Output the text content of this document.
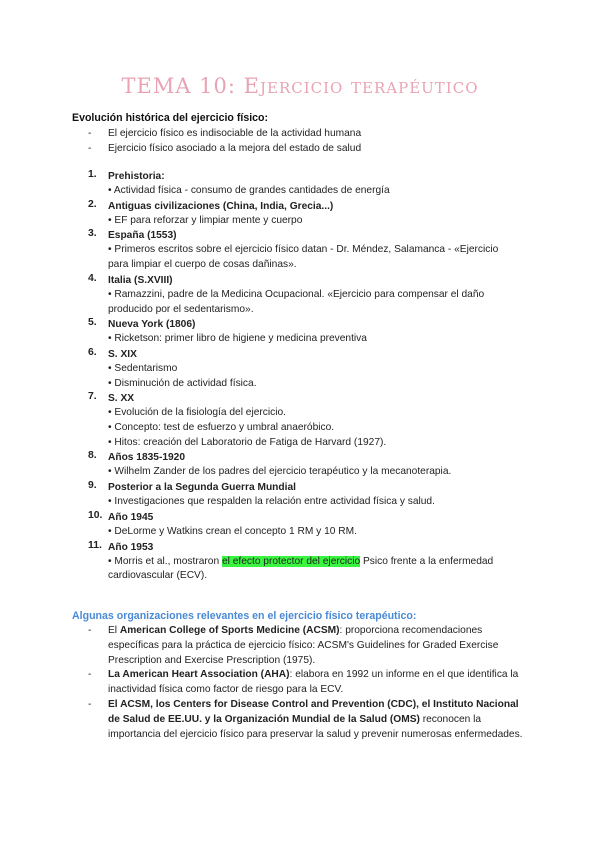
TEMA 10: Ejercicio terapéutico
Evolución histórica del ejercicio físico:
- El ejercicio físico es indisociable de la actividad humana
- Ejercicio físico asociado a la mejora del estado de salud
1. Prehistoria:
• Actividad física - consumo de grandes cantidades de energía
2. Antiguas civilizaciones (China, India, Grecia...)
• EF para reforzar y limpiar mente y cuerpo
3. España (1553)
• Primeros escritos sobre el ejercicio físico datan - Dr. Méndez, Salamanca - «Ejercicio para limpiar el cuerpo de cosas dañinas».
4. Italia (S.XVIII)
• Ramazzini, padre de la Medicina Ocupacional. «Ejercicio para compensar el daño producido por el sedentarismo».
5. Nueva York (1806)
• Ricketson: primer libro de higiene y medicina preventiva
6. S. XIX
• Sedentarismo
• Disminución de actividad física.
7. S. XX
• Evolución de la fisiología del ejercicio.
• Concepto: test de esfuerzo y umbral anaeróbico.
• Hitos: creación del Laboratorio de Fatiga de Harvard (1927).
8. Años 1835-1920
• Wilhelm Zander de los padres del ejercicio terapéutico y la mecanoterapia.
9. Posterior a la Segunda Guerra Mundial
• Investigaciones que respalden la relación entre actividad física y salud.
10. Año 1945
• DeLorme y Watkins crean el concepto 1 RM y 10 RM.
11. Año 1953
• Morris et al., mostraron el efecto protector del ejercicio Psico frente a la enfermedad cardiovascular (ECV).
Algunas organizaciones relevantes en el ejercicio físico terapéutico:
- El American College of Sports Medicine (ACSM): proporciona recomendaciones específicas para la práctica de ejercicio físico: ACSM's Guidelines for Graded Exercise Prescription and Exercise Prescription (1975).
- La American Heart Association (AHA): elabora en 1992 un informe en el que identifica la inactividad física como factor de riesgo para la ECV.
- El ACSM, los Centers for Disease Control and Prevention (CDC), el Instituto Nacional de Salud de EE.UU. y la Organización Mundial de la Salud (OMS) reconocen la importancia del ejercicio físico para preservar la salud y prevenir numerosas enfermedades.
